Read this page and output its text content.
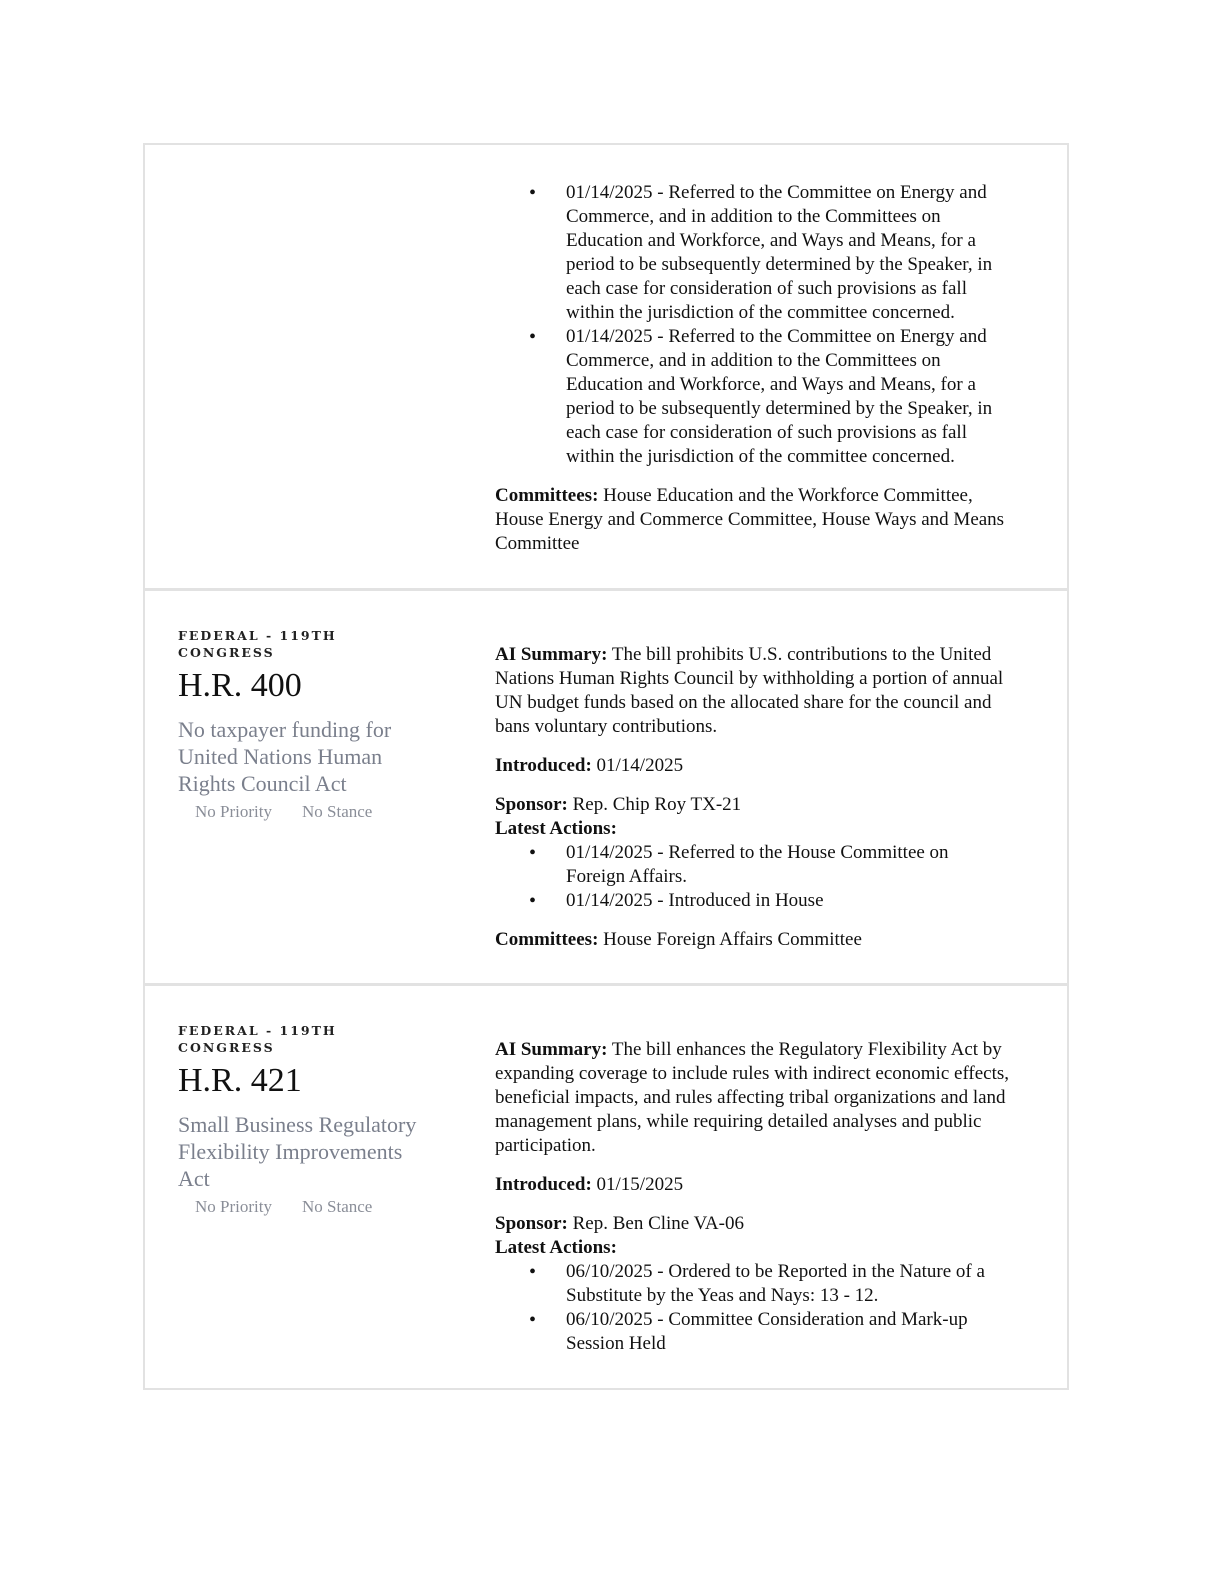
• 01/14/2025 - Referred to the Committee on Energy and Commerce, and in addition to the Committees on Education and Workforce, and Ways and Means, for a period to be subsequently determined by the Speaker, in each case for consideration of such provisions as fall within the jurisdiction of the committee concerned.
• 01/14/2025 - Referred to the Committee on Energy and Commerce, and in addition to the Committees on Education and Workforce, and Ways and Means, for a period to be subsequently determined by the Speaker, in each case for consideration of such provisions as fall within the jurisdiction of the committee concerned.

Committees: House Education and the Workforce Committee, House Energy and Commerce Committee, House Ways and Means Committee

FEDERAL - 119TH CONGRESS
H.R. 400
No taxpayer funding for United Nations Human Rights Council Act
No Priority No Stance

AI Summary: The bill prohibits U.S. contributions to the United Nations Human Rights Council by withholding a portion of annual UN budget funds based on the allocated share for the council and bans voluntary contributions.

Introduced: 01/14/2025

Sponsor: Rep. Chip Roy TX-21

Latest Actions:

• 01/14/2025 - Referred to the House Committee on Foreign Affairs.
• 01/14/2025 - Introduced in House

Committees: House Foreign Affairs Committee

FEDERAL - 119TH CONGRESS
H.R. 421
Small Business Regulatory Flexibility Improvements Act
No Priority No Stance

AI Summary: The bill enhances the Regulatory Flexibility Act by expanding coverage to include rules with indirect economic effects, beneficial impacts, and rules affecting tribal organizations and land management plans, while requiring detailed analyses and public participation.

Introduced: 01/15/2025

Sponsor: Rep. Ben Cline VA-06

Latest Actions:

• 06/10/2025 - Ordered to be Reported in the Nature of a Substitute by the Yeas and Nays: 13 - 12.
• 06/10/2025 - Committee Consideration and Mark-up Session Held
